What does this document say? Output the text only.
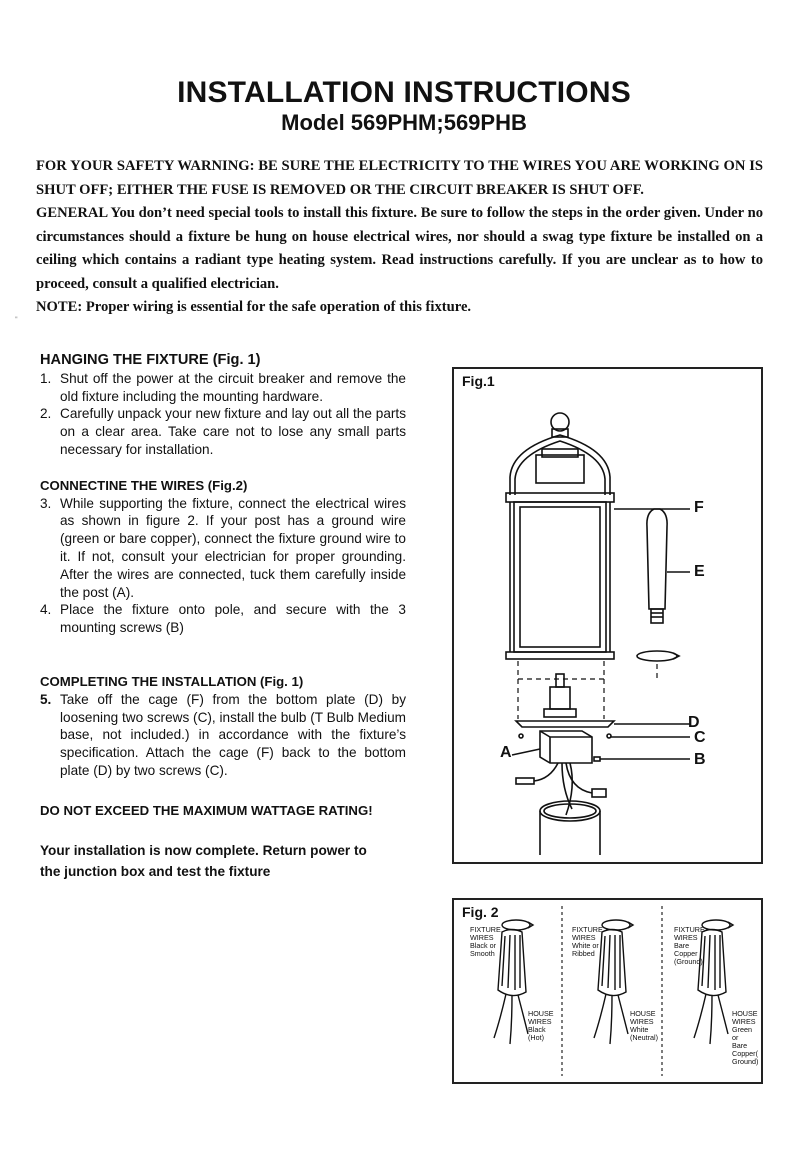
INSTALLATION INSTRUCTIONS
Model 569PHM;569PHB

FOR YOUR SAFETY WARNING: BE SURE THE ELECTRICITY TO THE WIRES YOU ARE WORKING ON IS SHUT OFF; EITHER THE FUSE IS REMOVED OR THE CIRCUIT BREAKER IS SHUT OFF.

GENERAL You don’t need special tools to install this fixture. Be sure to follow the steps in the order given. Under no circumstances should a fixture be hung on house electrical wires, nor should a swag type fixture be installed on a ceiling which contains a radiant type heating system. Read instructions carefully. If you are unclear as to how to proceed, consult a qualified electrician.

NOTE: Proper wiring is essential for the safe operation of this fixture.

"
HANGING THE FIXTURE (Fig. 1)
1. Shut off the power at the circuit breaker and remove the old fixture including the mounting hardware.
2. Carefully unpack your new fixture and lay out all the parts on a clear area. Take care not to lose any small parts necessary for installation.
CONNECTINE THE WIRES (Fig.2)
3. While supporting the fixture, connect the electrical wires as shown in figure 2. If your post has a ground wire (green or bare copper), connect the fixture ground wire to it. If not, consult your electrician for proper grounding. After the wires are connected, tuck them carefully inside the post (A).
4. Place the fixture onto pole, and secure with the 3 mounting screws (B)
COMPLETING THE INSTALLATION (Fig. 1)
5. Take off the cage (F) from the bottom plate (D) by loosening two screws (C), install the bulb (T Bulb Medium base, not included.) in accordance with the fixture’s specification. Attach the cage (F) back to the bottom plate (D) by two screws (C).

DO NOT EXCEED THE MAXIMUM WATTAGE RATING!

Your installation is now complete. Return power to the junction box and test the fixture

Fig.1
F
E
D
C
A	B
Fig. 2
FIXTURE
WIRES
Black or
Smooth
HOUSE
WIRES
Black
(Hot)
FIXTURE
WIRES
White or
Ribbed
HOUSE
WIRES
White
(Neutral)
FIXTURE
WIRES
Bare
Copper
(Ground)
HOUSE
WIRES
Green
or
Bare
Copper(
Ground)
